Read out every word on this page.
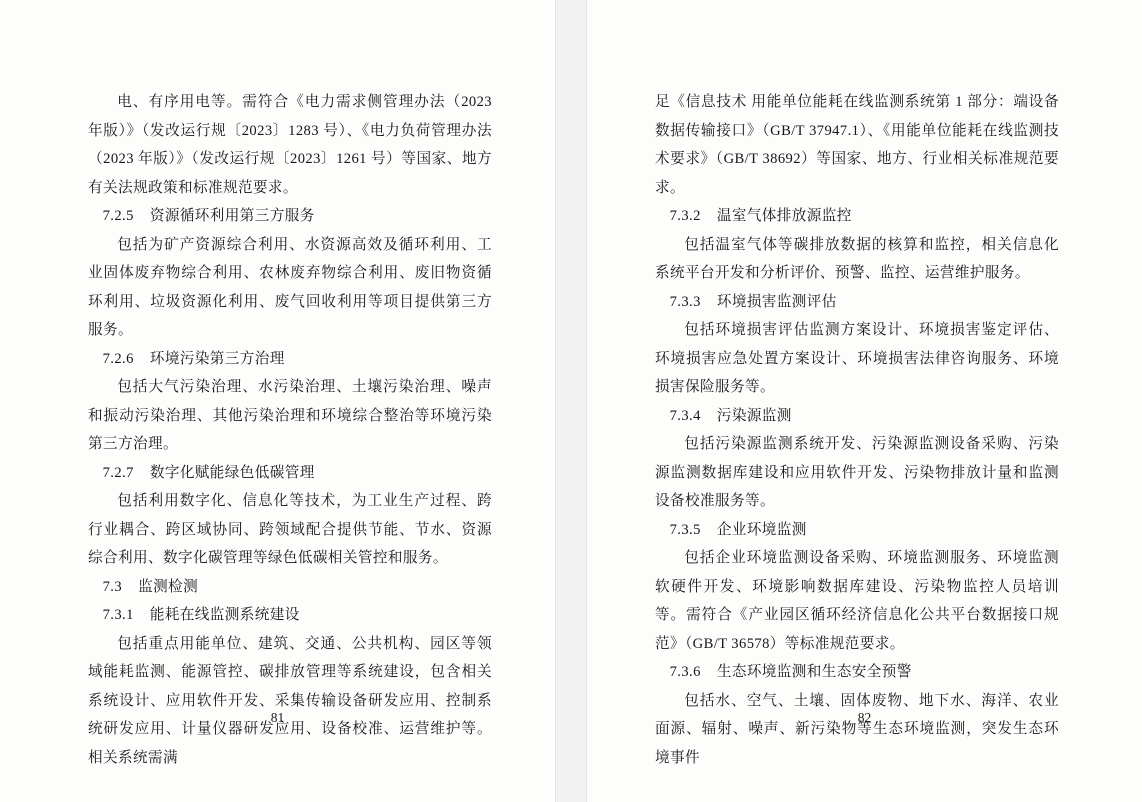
电、有序用电等。需符合《电力需求侧管理办法（2023 年版）》（发改运行规〔2023〕1283 号）、《电力负荷管理办法（2023 年版）》（发改运行规〔2023〕1261 号）等国家、地方有关法规政策和标准规范要求。

7.2.5 资源循环利用第三方服务

包括为矿产资源综合利用、水资源高效及循环利用、工业固体废弃物综合利用、农林废弃物综合利用、废旧物资循环利用、垃圾资源化利用、废气回收利用等项目提供第三方服务。

7.2.6 环境污染第三方治理

包括大气污染治理、水污染治理、土壤污染治理、噪声和振动污染治理、其他污染治理和环境综合整治等环境污染第三方治理。

7.2.7 数字化赋能绿色低碳管理

包括利用数字化、信息化等技术，为工业生产过程、跨行业耦合、跨区域协同、跨领域配合提供节能、节水、资源综合利用、数字化碳管理等绿色低碳相关管控和服务。

7.3 监测检测

7.3.1 能耗在线监测系统建设

包括重点用能单位、建筑、交通、公共机构、园区等领域能耗监测、能源管控、碳排放管理等系统建设，包含相关系统设计、应用软件开发、采集传输设备研发应用、控制系统研发应用、计量仪器研发应用、设备校准、运营维护等。相关系统需满

81

足《信息技术 用能单位能耗在线监测系统第 1 部分：端设备数据传输接口》（GB/T 37947.1）、《用能单位能耗在线监测技术要求》（GB/T 38692）等国家、地方、行业相关标准规范要求。

7.3.2 温室气体排放源监控

包括温室气体等碳排放数据的核算和监控，相关信息化系统平台开发和分析评价、预警、监控、运营维护服务。

7.3.3 环境损害监测评估

包括环境损害评估监测方案设计、环境损害鉴定评估、环境损害应急处置方案设计、环境损害法律咨询服务、环境损害保险服务等。

7.3.4 污染源监测

包括污染源监测系统开发、污染源监测设备采购、污染源监测数据库建设和应用软件开发、污染物排放计量和监测设备校准服务等。

7.3.5 企业环境监测

包括企业环境监测设备采购、环境监测服务、环境监测软硬件开发、环境影响数据库建设、污染物监控人员培训等。需符合《产业园区循环经济信息化公共平台数据接口规范》（GB/T 36578）等标准规范要求。

7.3.6 生态环境监测和生态安全预警

包括水、空气、土壤、固体废物、地下水、海洋、农业面源、辐射、噪声、新污染物等生态环境监测，突发生态环境事件

82
